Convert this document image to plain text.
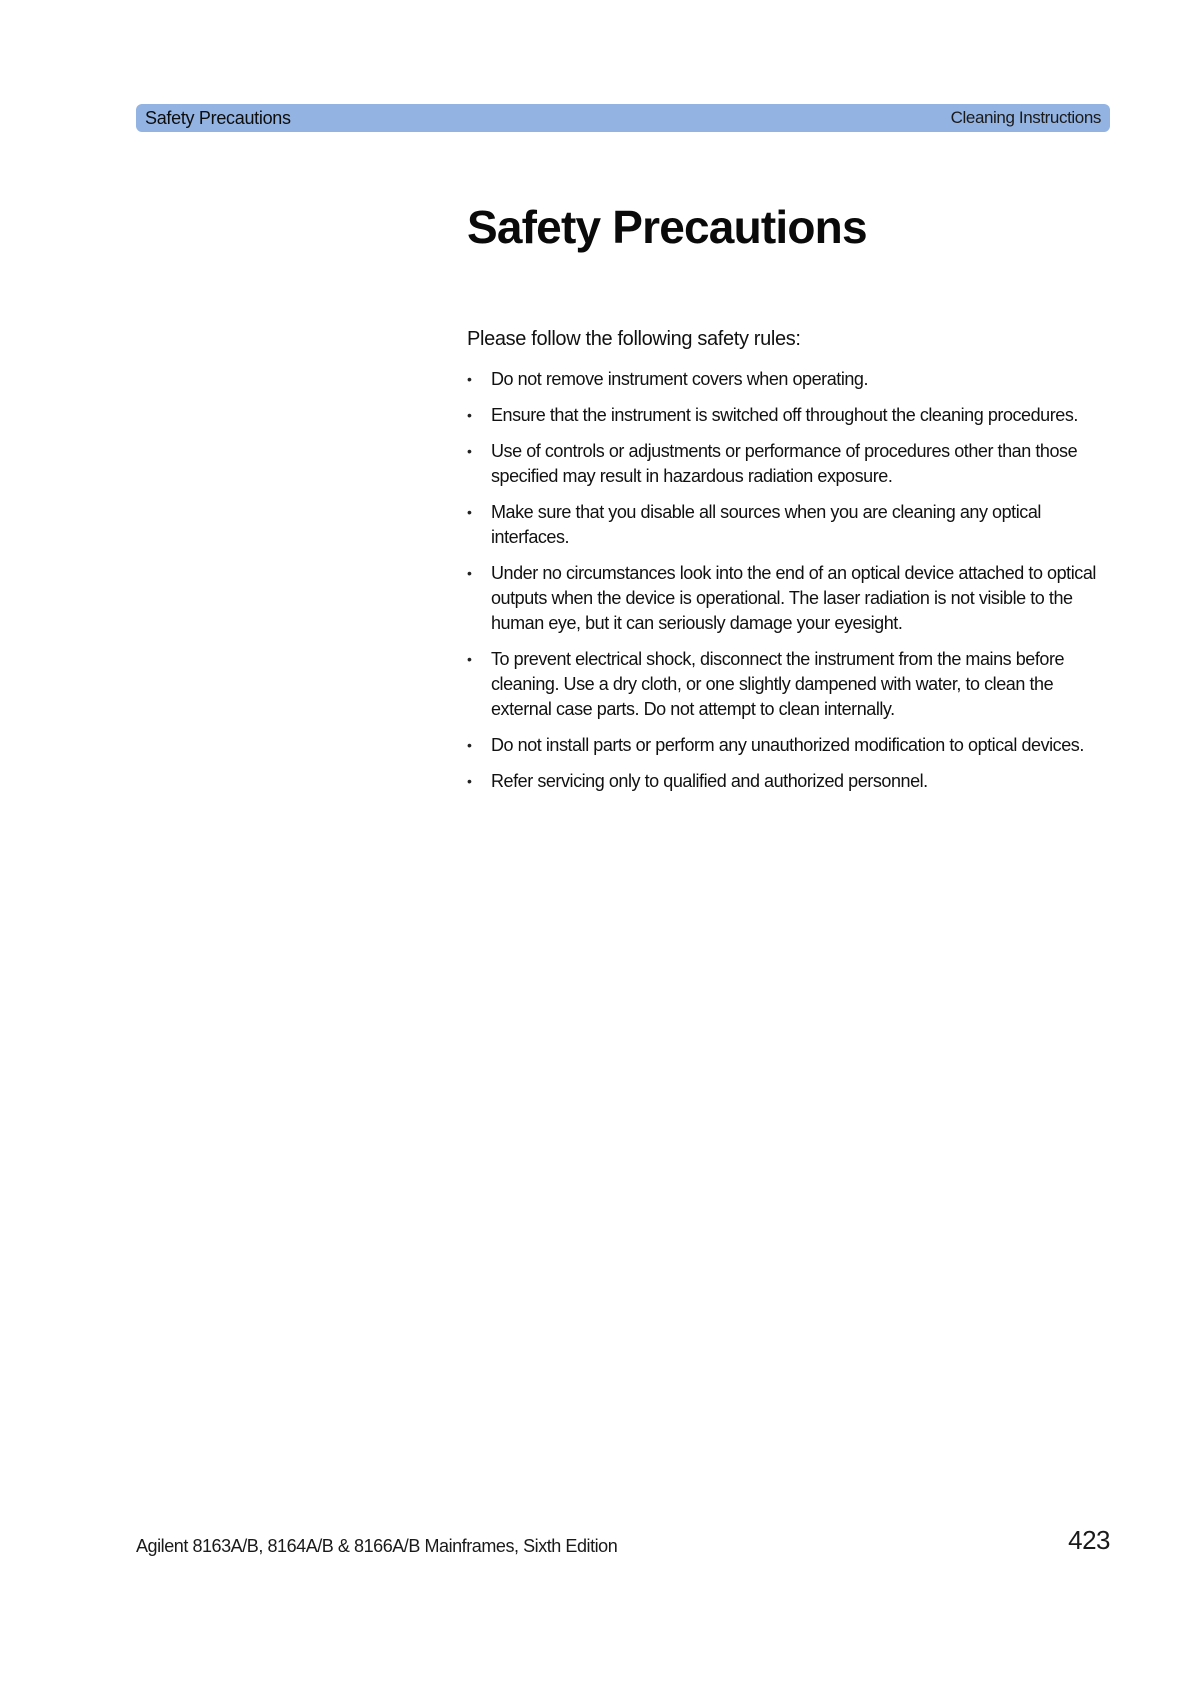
Safety Precautions	Cleaning Instructions
Safety Precautions

Please follow the following safety rules:

• Do not remove instrument covers when operating.
• Ensure that the instrument is switched off throughout the cleaning procedures.
• Use of controls or adjustments or performance of procedures other than those specified may result in hazardous radiation exposure.
• Make sure that you disable all sources when you are cleaning any optical interfaces.
• Under no circumstances look into the end of an optical device attached to optical outputs when the device is operational. The laser radiation is not visible to the human eye, but it can seriously damage your eyesight.
• To prevent electrical shock, disconnect the instrument from the mains before cleaning. Use a dry cloth, or one slightly dampened with water, to clean the external case parts. Do not attempt to clean internally.
• Do not install parts or perform any unauthorized modification to optical devices.
• Refer servicing only to qualified and authorized personnel.
Agilent 8163A/B, 8164A/B & 8166A/B Mainframes, Sixth Edition	423
